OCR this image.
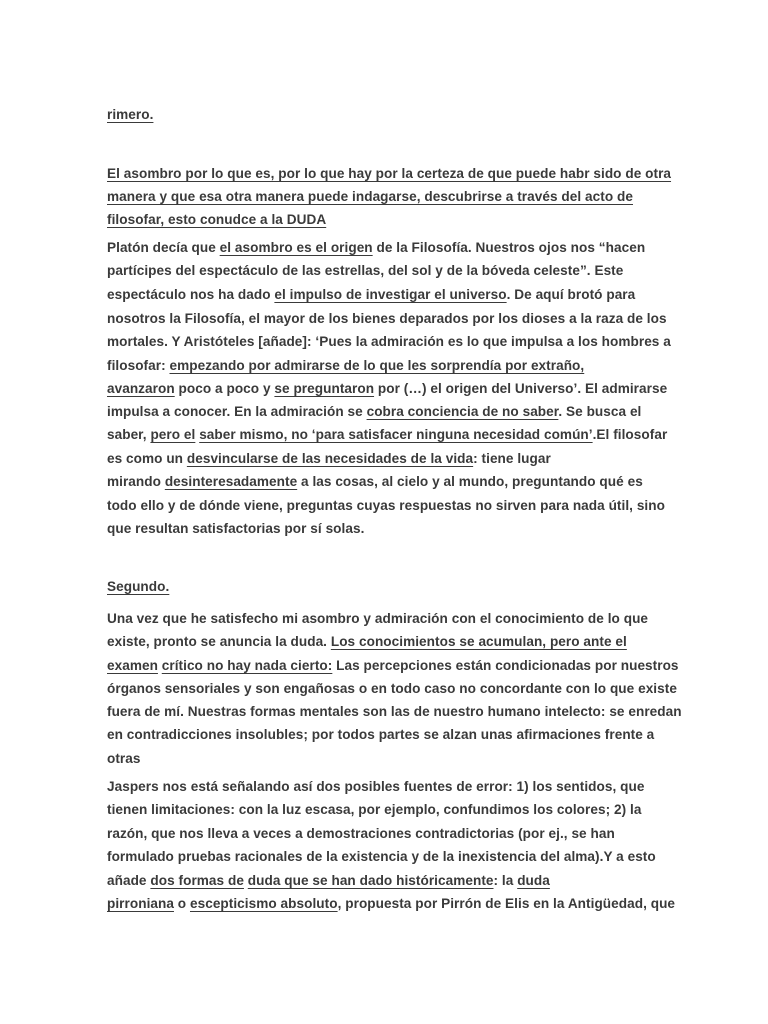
rimero.
El asombro por lo que es, por lo que hay por la certeza de que puede habr sido de otra
manera y que esa otra manera puede indagarse, descubrirse a través del acto de
filosofar, esto conudce a la DUDA
Platón decía que el asombro es el origen de la Filosofía. Nuestros ojos nos “hacen
partícipes del espectáculo de las estrellas, del sol y de la bóveda celeste”. Este
espectáculo nos ha dado el impulso de investigar el universo. De aquí brotó para
nosotros la Filosofía, el mayor de los bienes deparados por los dioses a la raza de los
mortales. Y Aristóteles [añade]: ‘Pues la admiración es lo que impulsa a los hombres a
filosofar: empezando por admirarse de lo que les sorprendía por extraño,
avanzaron poco a poco y se preguntaron por (…) el origen del Universo’. El admirarse
impulsa a conocer. En la admiración se cobra conciencia de no saber. Se busca el
saber, pero el saber mismo, no ‘para satisfacer ninguna necesidad común’.El filosofar
es como un desvincularse de las necesidades de la vida: tiene lugar
mirando desinteresadamente a las cosas, al cielo y al mundo, preguntando qué es
todo ello y de dónde viene, preguntas cuyas respuestas no sirven para nada útil, sino
que resultan satisfactorias por sí solas.
Segundo.
Una vez que he satisfecho mi asombro y admiración con el conocimiento de lo que
existe, pronto se anuncia la duda. Los conocimientos se acumulan, pero ante el
examen crítico no hay nada cierto: Las percepciones están condicionadas por nuestros
órganos sensoriales y son engañosas o en todo caso no concordante con lo que existe
fuera de mí. Nuestras formas mentales son las de nuestro humano intelecto: se enredan
en contradicciones insolubles; por todos partes se alzan unas afirmaciones frente a
otras
Jaspers nos está señalando así dos posibles fuentes de error: 1) los sentidos, que
tienen limitaciones: con la luz escasa, por ejemplo, confundimos los colores; 2) la
razón, que nos lleva a veces a demostraciones contradictorias (por ej., se han
formulado pruebas racionales de la existencia y de la inexistencia del alma).Y a esto
añade dos formas de duda que se han dado históricamente: la duda
pirroniana o escepticismo absoluto, propuesta por Pirrón de Elis en la Antigüedad, que
